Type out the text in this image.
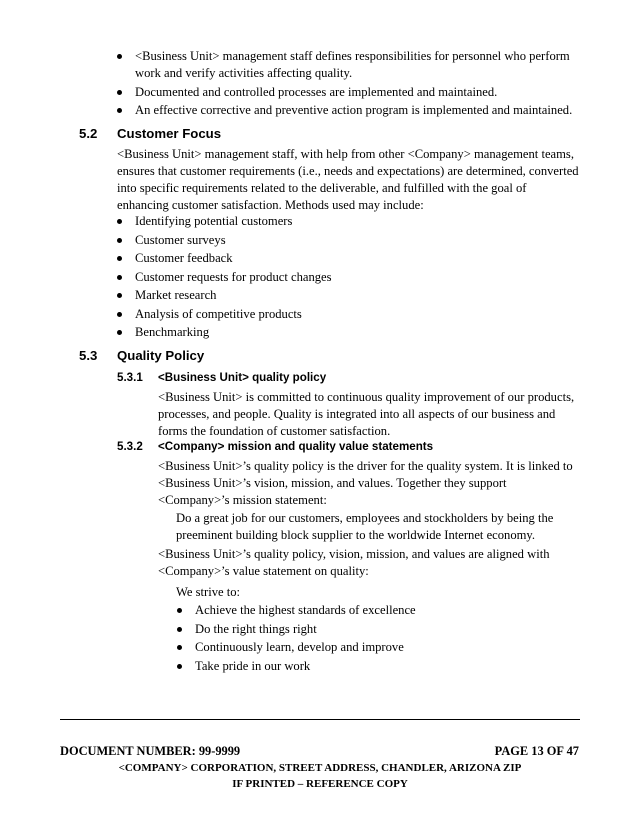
<Business Unit> management staff defines responsibilities for personnel who perform work and verify activities affecting quality.
Documented and controlled processes are implemented and maintained.
An effective corrective and preventive action program is implemented and maintained.
5.2 Customer Focus
<Business Unit> management staff, with help from other <Company> management teams, ensures that customer requirements (i.e., needs and expectations) are determined, converted into specific requirements related to the deliverable, and fulfilled with the goal of enhancing customer satisfaction. Methods used may include:
Identifying potential customers
Customer surveys
Customer feedback
Customer requests for product changes
Market research
Analysis of competitive products
Benchmarking
5.3 Quality Policy
5.3.1 <Business Unit> quality policy
<Business Unit> is committed to continuous quality improvement of our products, processes, and people. Quality is integrated into all aspects of our business and forms the foundation of customer satisfaction.
5.3.2 <Company> mission and quality value statements
<Business Unit>’s quality policy is the driver for the quality system. It is linked to <Business Unit>’s vision, mission, and values. Together they support <Company>’s mission statement:
Do a great job for our customers, employees and stockholders by being the preeminent building block supplier to the worldwide Internet economy.
<Business Unit>’s quality policy, vision, mission, and values are aligned with <Company>’s value statement on quality:
We strive to:
Achieve the highest standards of excellence
Do the right things right
Continuously learn, develop and improve
Take pride in our work
DOCUMENT NUMBER: 99-9999	PAGE 13 OF 47
<COMPANY> CORPORATION, STREET ADDRESS, CHANDLER, ARIZONA ZIP
IF PRINTED – REFERENCE COPY
